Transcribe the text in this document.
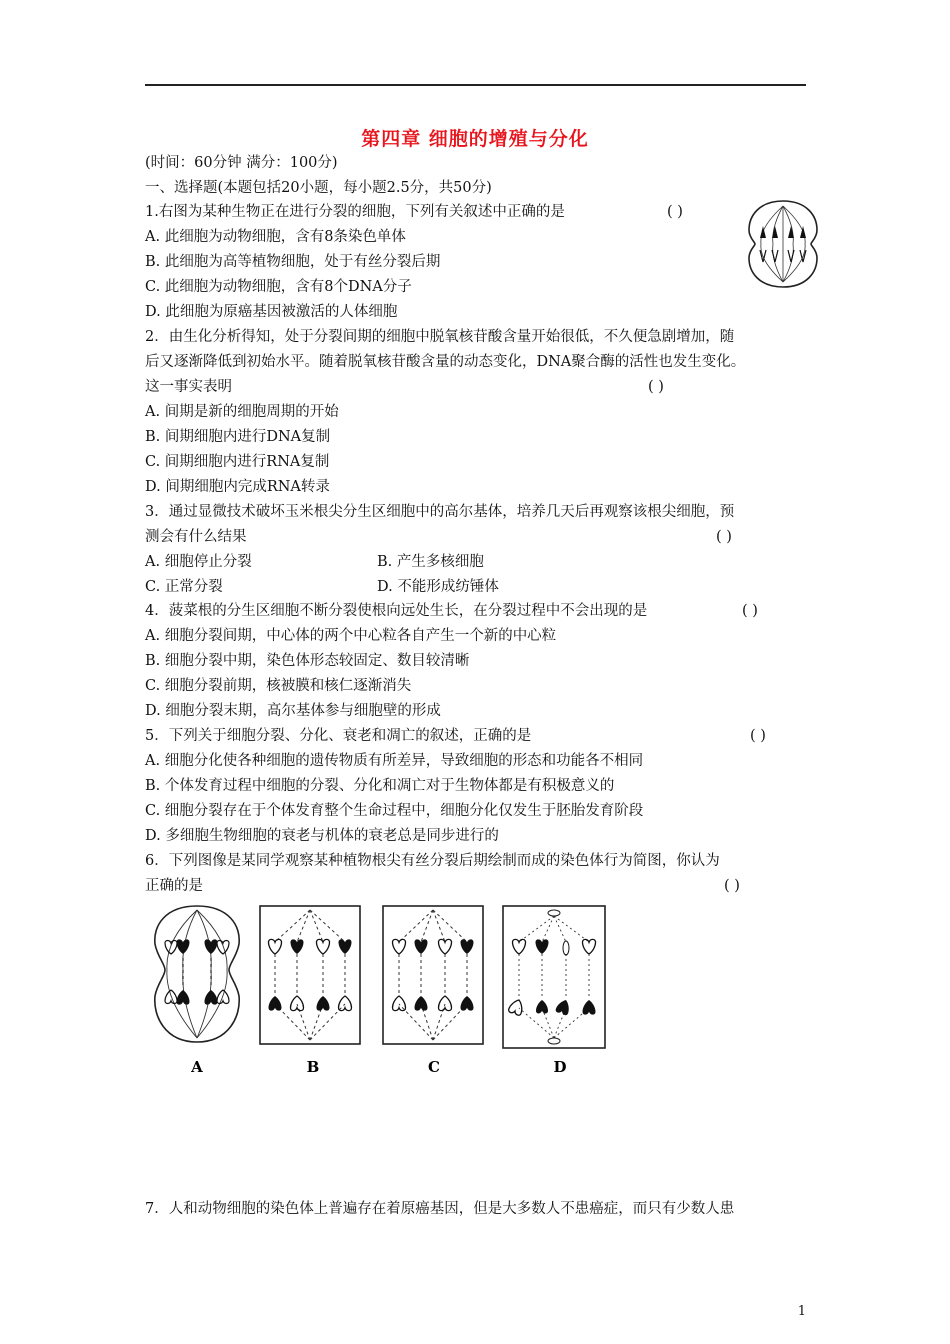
第四章 细胞的增殖与分化
(时间：60分钟 满分：100分)
一、选择题(本题包括20小题，每小题2.5分，共50分)
1.右图为某种生物正在进行分裂的细胞，下列有关叙述中正确的是	( )
A. 此细胞为动物细胞，含有8条染色单体
B. 此细胞为高等植物细胞，处于有丝分裂后期
C. 此细胞为动物细胞，含有8个DNA分子
D. 此细胞为原癌基因被激活的人体细胞
2．由生化分析得知，处于分裂间期的细胞中脱氧核苷酸含量开始很低，不久便急剧增加，随
后又逐渐降低到初始水平。随着脱氧核苷酸含量的动态变化，DNA聚合酶的活性也发生变化。
这一事实表明	( )
A. 间期是新的细胞周期的开始
B. 间期细胞内进行DNA复制
C. 间期细胞内进行RNA复制
D. 间期细胞内完成RNA转录
3．通过显微技术破坏玉米根尖分生区细胞中的高尔基体，培养几天后再观察该根尖细胞，预
测会有什么结果	( )
A. 细胞停止分裂	B. 产生多核细胞
C. 正常分裂	D. 不能形成纺锤体
4．菠菜根的分生区细胞不断分裂使根向远处生长，在分裂过程中不会出现的是	( )
A. 细胞分裂间期，中心体的两个中心粒各自产生一个新的中心粒
B. 细胞分裂中期，染色体形态较固定、数目较清晰
C. 细胞分裂前期，核被膜和核仁逐渐消失
D. 细胞分裂末期，高尔基体参与细胞壁的形成
5．下列关于细胞分裂、分化、衰老和凋亡的叙述，正确的是	( )
A. 细胞分化使各种细胞的遗传物质有所差异，导致细胞的形态和功能各不相同
B. 个体发育过程中细胞的分裂、分化和凋亡对于生物体都是有积极意义的
C. 细胞分裂存在于个体发育整个生命过程中，细胞分化仅发生于胚胎发育阶段
D. 多细胞生物细胞的衰老与机体的衰老总是同步进行的
6．下列图像是某同学观察某种植物根尖有丝分裂后期绘制而成的染色体行为简图，你认为
正确的是	( )
A	B	C	D
7．人和动物细胞的染色体上普遍存在着原癌基因，但是大多数人不患癌症，而只有少数人患
1
